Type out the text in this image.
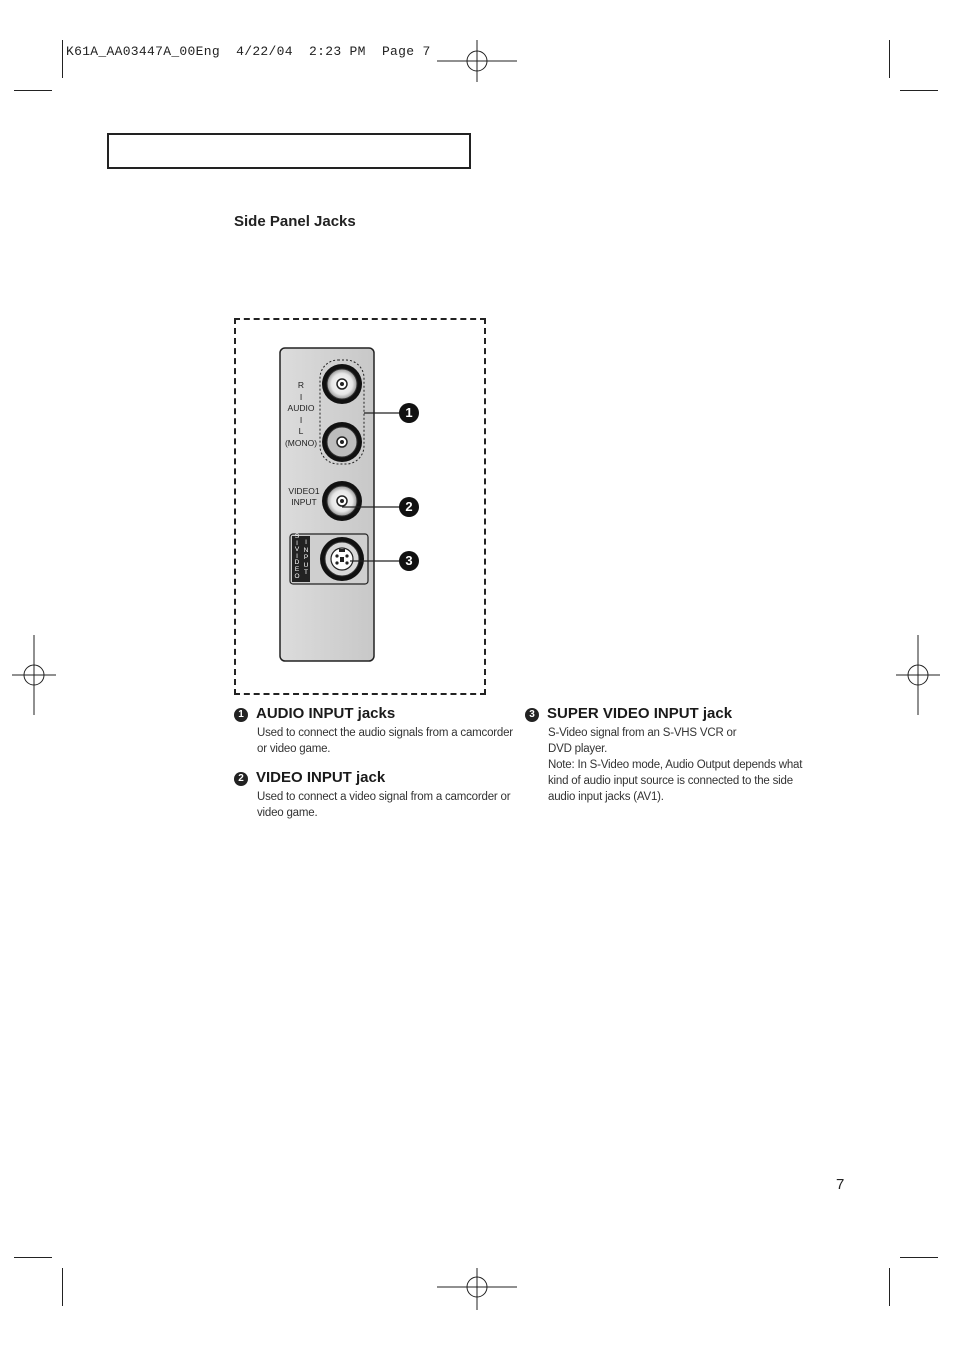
K61A_AA03447A_00Eng  4/22/04  2:23 PM  Page 7
Side Panel Jacks
1
2
3
R
I
AUDIO
I
L
(MONO)
VIDEO1
INPUT
S
I
V
I
D
E
O
I
N
P
U
T
1 AUDIO INPUT jacks
Used to connect the audio signals from a camcorder or video game.
2 VIDEO INPUT jack
Used to connect a video signal from a camcorder or video game.
3 SUPER VIDEO INPUT jack
S-Video signal from an S-VHS VCR or DVD player.
Note: In S-Video mode, Audio Output depends what kind of audio input source is connected to the side audio input jacks (AV1).
7
